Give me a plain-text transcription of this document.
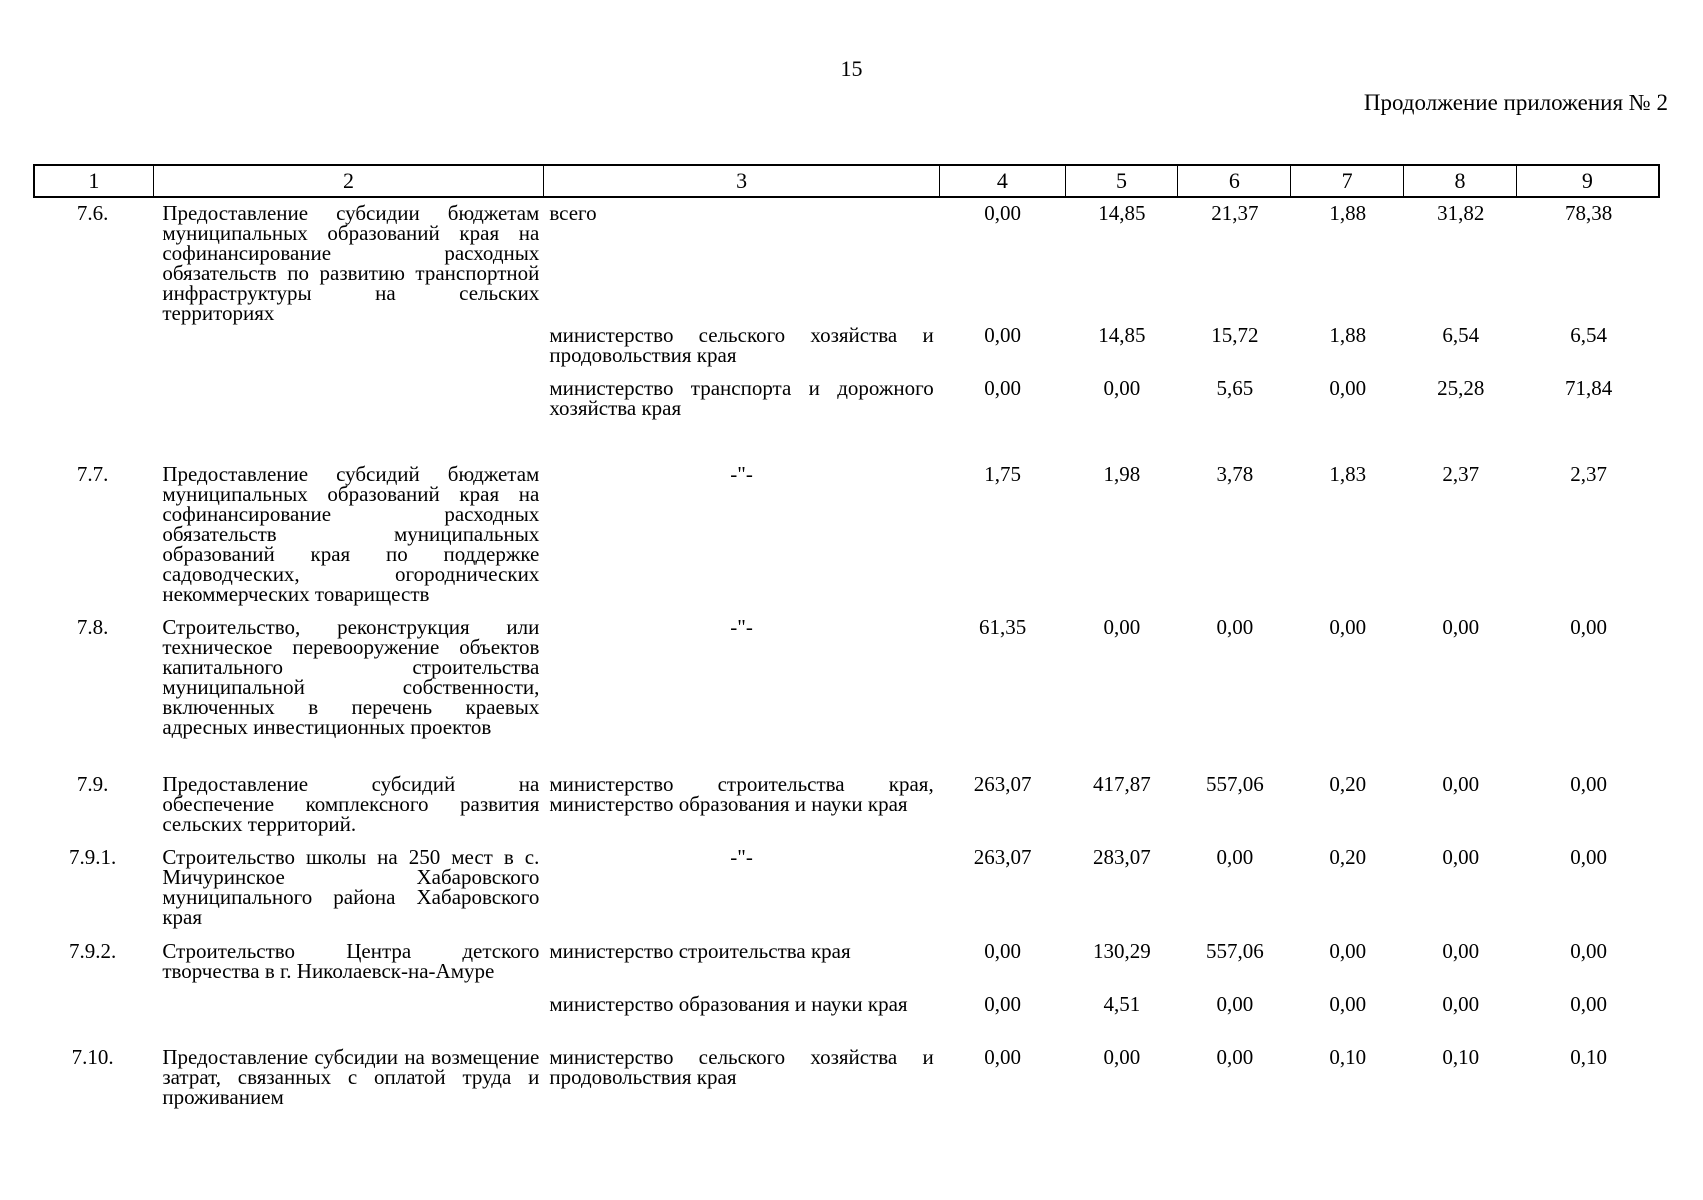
15
Продолжение приложения № 2
1	2	3	4	5	6	7	8	9
7.6.	Предоставление субсидии бюджетам муниципальных образований края на софинансирование расходных обязательств по развитию транспортной инфраструктуры на сельских территориях	всего	0,00	14,85	21,37	1,88	31,82	78,38
		министерство сельского хозяйства и продовольствия края	0,00	14,85	15,72	1,88	6,54	6,54
		министерство транспорта и дорожного хозяйства края	0,00	0,00	5,65	0,00	25,28	71,84
7.7.	Предоставление субсидий бюджетам муниципальных образований края на софинансирование расходных обязательств муниципальных образований края по поддержке садоводческих, огороднических некоммерческих товариществ	-"-	1,75	1,98	3,78	1,83	2,37	2,37
7.8.	Строительство, реконструкция или техническое перевооружение объектов капитального строительства муниципальной собственности, включенных в перечень краевых адресных инвестиционных проектов	-"-	61,35	0,00	0,00	0,00	0,00	0,00
7.9.	Предоставление субсидий на обеспечение комплексного развития сельских территорий.	министерство строительства края, министерство образования и науки края	263,07	417,87	557,06	0,20	0,00	0,00
7.9.1.	Строительство школы на 250 мест в с. Мичуринское Хабаровского муниципального района Хабаровского края	-"-	263,07	283,07	0,00	0,20	0,00	0,00
7.9.2.	Строительство Центра детского творчества в г. Николаевск-на-Амуре	министерство строительства края	0,00	130,29	557,06	0,00	0,00	0,00
		министерство образования и науки края	0,00	4,51	0,00	0,00	0,00	0,00
7.10.	Предоставление субсидии на возмещение затрат, связанных с оплатой труда и проживанием	министерство сельского хозяйства и продовольствия края	0,00	0,00	0,00	0,10	0,10	0,10
